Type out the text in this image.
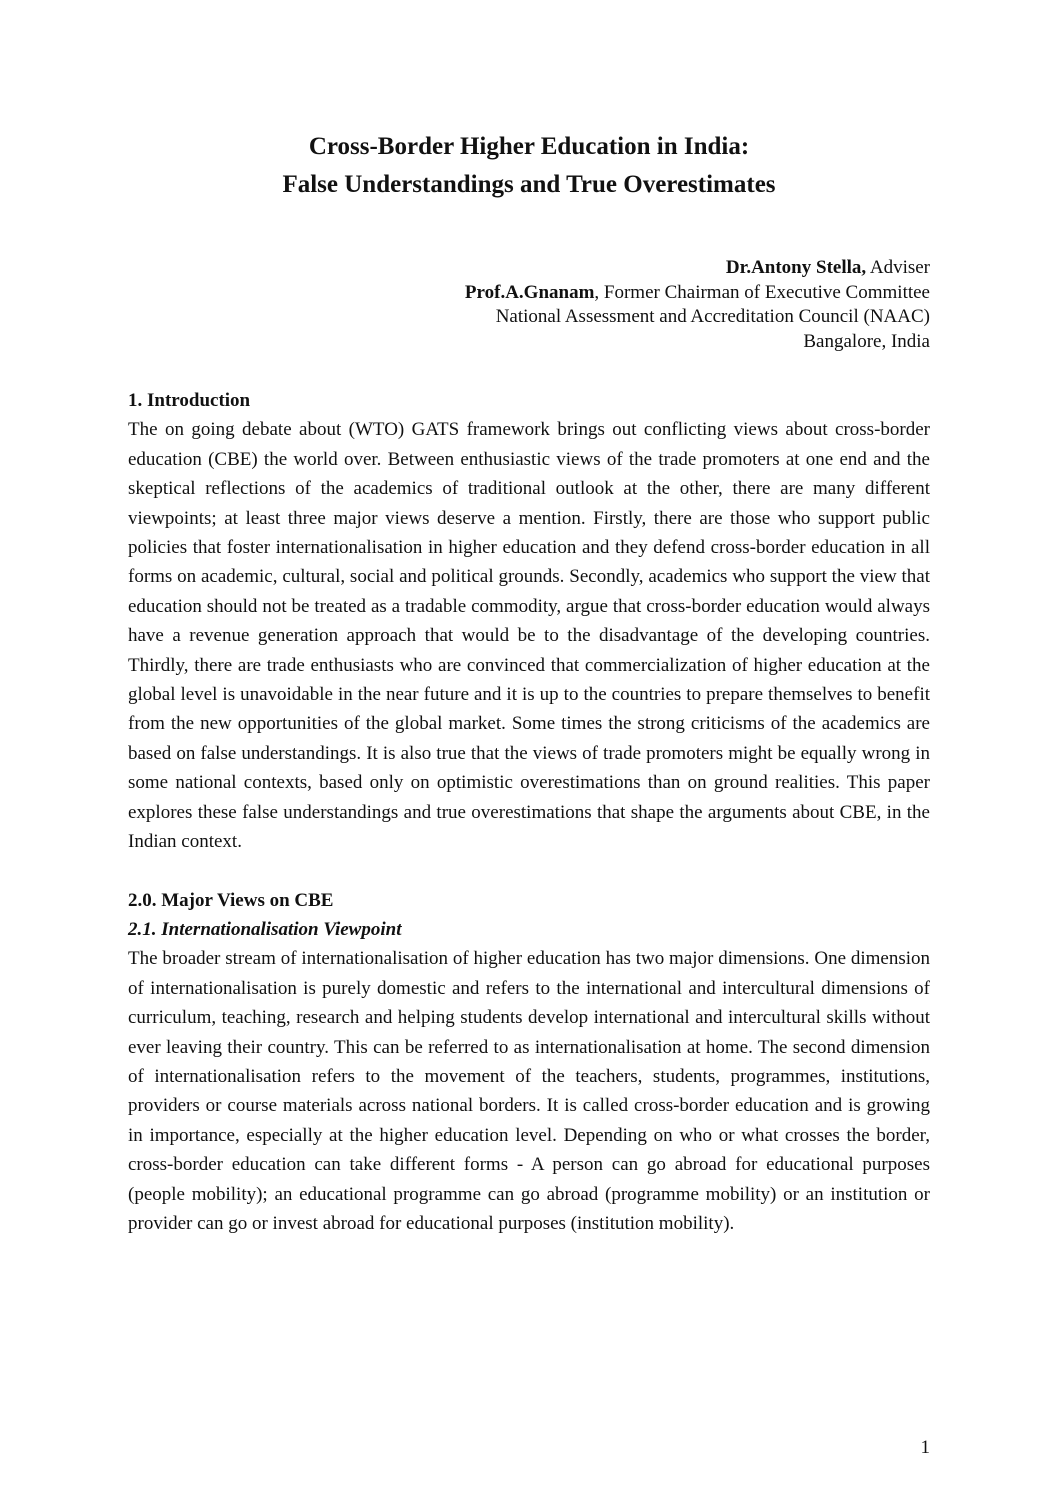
Cross-Border Higher Education in India:
False Understandings and True Overestimates
Dr.Antony Stella, Adviser
Prof.A.Gnanam, Former Chairman of Executive Committee
National Assessment and Accreditation Council (NAAC)
Bangalore, India

1. Introduction

The on going debate about (WTO) GATS framework brings out conflicting views about cross-border education (CBE) the world over. Between enthusiastic views of the trade promoters at one end and the skeptical reflections of the academics of traditional outlook at the other, there are many different viewpoints; at least three major views deserve a mention. Firstly, there are those who support public policies that foster internationalisation in higher education and they defend cross-border education in all forms on academic, cultural, social and political grounds. Secondly, academics who support the view that education should not be treated as a tradable commodity, argue that cross-border education would always have a revenue generation approach that would be to the disadvantage of the developing countries. Thirdly, there are trade enthusiasts who are convinced that commercialization of higher education at the global level is unavoidable in the near future and it is up to the countries to prepare themselves to benefit from the new opportunities of the global market. Some times the strong criticisms of the academics are based on false understandings. It is also true that the views of trade promoters might be equally wrong in some national contexts, based only on optimistic overestimations than on ground realities. This paper explores these false understandings and true overestimations that shape the arguments about CBE, in the Indian context.

2.0. Major Views on CBE

2.1. Internationalisation Viewpoint

The broader stream of internationalisation of higher education has two major dimensions. One dimension of internationalisation is purely domestic and refers to the international and intercultural dimensions of curriculum, teaching, research and helping students develop international and intercultural skills without ever leaving their country. This can be referred to as internationalisation at home. The second dimension of internationalisation refers to the movement of the teachers, students, programmes, institutions, providers or course materials across national borders. It is called cross-border education and is growing in importance, especially at the higher education level. Depending on who or what crosses the border, cross-border education can take different forms - A person can go abroad for educational purposes (people mobility); an educational programme can go abroad (programme mobility) or an institution or provider can go or invest abroad for educational purposes (institution mobility).

1
